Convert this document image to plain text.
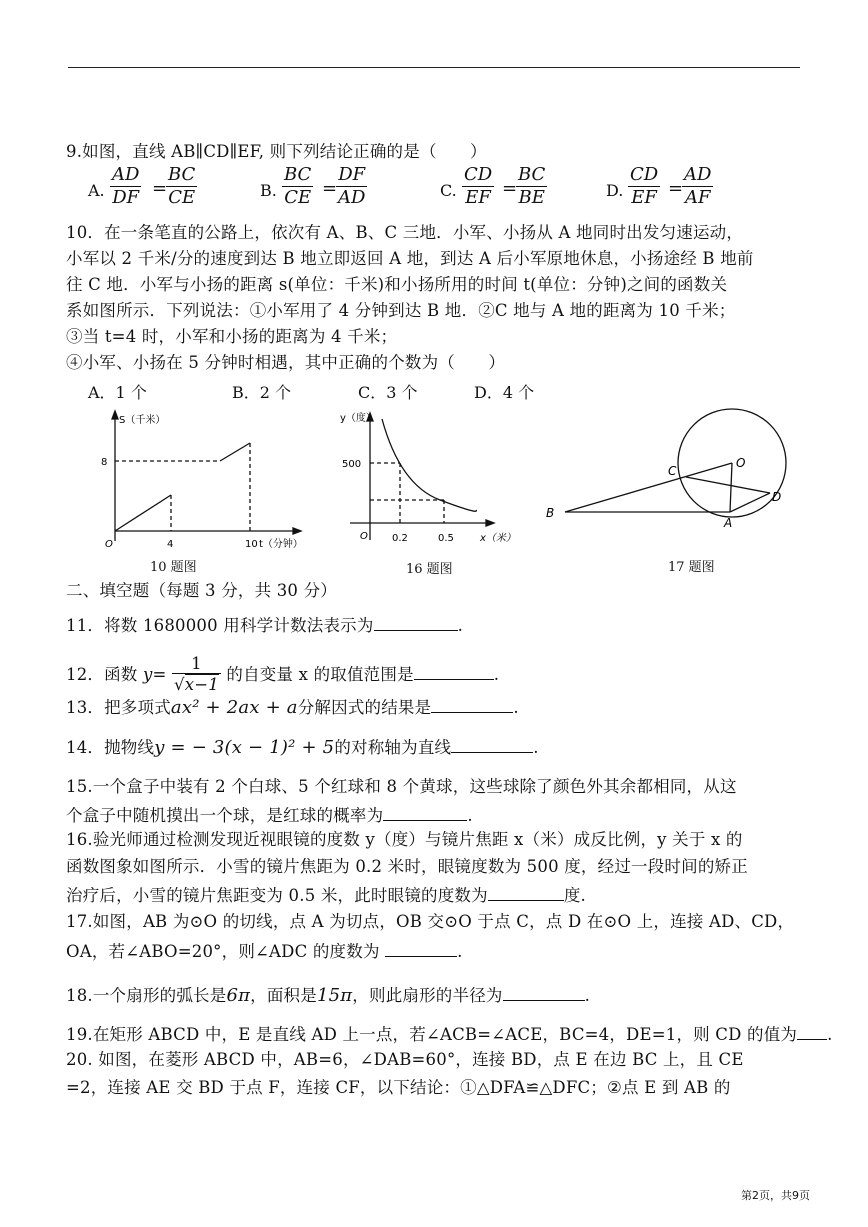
9.如图，直线 AB∥CD∥EF, 则下列结论正确的是（　　）
A. $\frac{AD}{DF}$ =
$\frac{BC}{CE}$	B. $\frac{BC}{CE}$ =
$\frac{DF}{AD}$	C. $\frac{CD}{EF}$ =
$\frac{BC}{BE}$	D. $\frac{CD}{EF}$ =
$\frac{AD}{AF}$
10．在一条笔直的公路上，依次有 A、B、C 三地．小军、小扬从 A 地同时出发匀速运动，
小军以 2 千米/分的速度到达 B 地立即返回 A 地，到达 A 后小军原地休息，小扬途经 B 地前
往 C 地．小军与小扬的距离 s(单位：千米)和小扬所用的时间 t(单位：分钟)之间的函数关
系如图所示．下列说法：①小军用了 4 分钟到达 B 地．②C 地与 A 地的距离为 10 千米；
③当 t=4 时，小军和小扬的距离为 4 千米；
④小军、小扬在 5 分钟时相遇，其中正确的个数为（　　）
A．1 个	B．2 个	C．3 个	D．4 个
S（千米）
8
O	4	10 t（分钟）
10 题图
y（度）
500
O 0.2	0.5	x（米）
16 题图
B
C
O
A
D
17 题图
二、填空题（每题 3 分，共 30 分）
11．将数 1680000 用科学计数法表示为	.
12．函数 $y= \frac{1}{√x-1}$ 的自变量 x 的取值范围是	.
13．把多项式ax² + 2ax + a分解因式的结果是	.
14．抛物线y = − 3(x − 1)² + 5的对称轴为直线	.
15.一个盒子中装有 2 个白球、5 个红球和 8 个黄球，这些球除了颜色外其余都相同，从这
个盒子中随机摸出一个球，是红球的概率为	.
16.验光师通过检测发现近视眼镜的度数 y（度）与镜片焦距 x（米）成反比例，y 关于 x 的
函数图象如图所示．小雪的镜片焦距为 0.2 米时，眼镜度数为 500 度，经过一段时间的矫正
治疗后，小雪的镜片焦距变为 0.5 米，此时眼镜的度数为	度.
17.如图，AB 为⊙O 的切线，点 A 为切点，OB 交⊙O 于点 C，点 D 在⊙O 上，连接 AD、CD，
OA，若∠ABO=20°，则∠ADC 的度数为	.
18.一个扇形的弧长是6π，面积是15π，则此扇形的半径为	.
19.在矩形 ABCD 中，E 是直线 AD 上一点，若∠ACB=∠ACE，BC=4，DE=1，则 CD 的值为 .
20. 如图，在菱形 ABCD 中，AB=6，∠DAB=60°，连接 BD，点 E 在边 BC 上，且 CE
=2，连接 AE 交 BD 于点 F，连接 CF，以下结论：①△DFA≌△DFC；②点 E 到 AB 的
第2页，共9页
